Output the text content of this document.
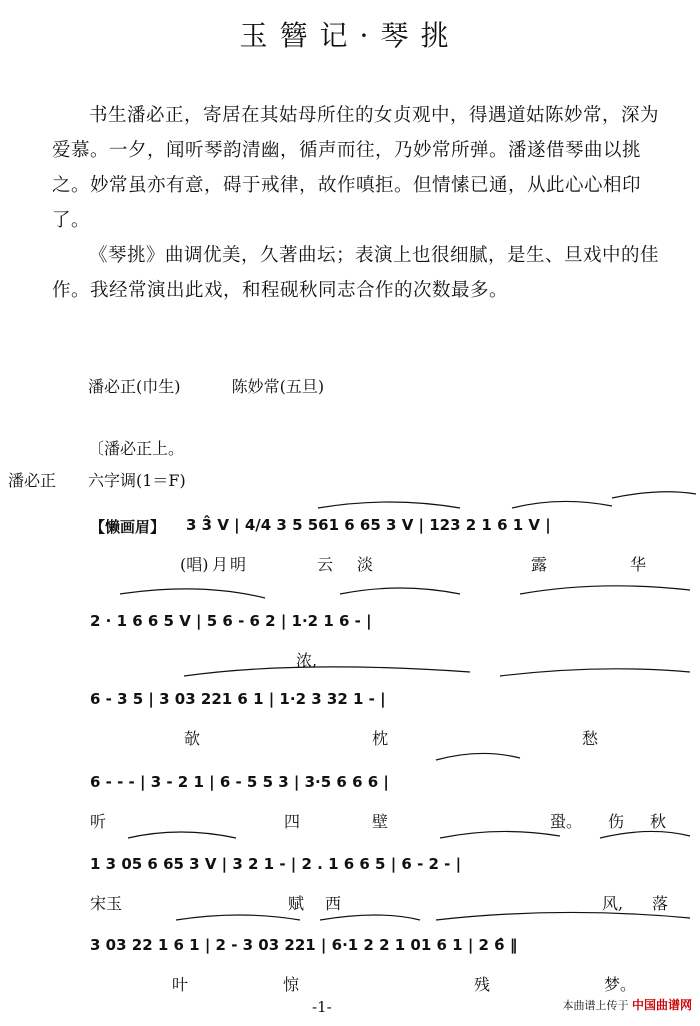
玉簪记·琴挑

书生潘必正，寄居在其姑母所住的女贞观中，得遇道姑陈妙常，深为爱慕。一夕，闻听琴韵清幽，循声而往，乃妙常所弹。潘遂借琴曲以挑之。妙常虽亦有意，碍于戒律，故作嗔拒。但情愫已通，从此心心相印了。

《琴挑》曲调优美，久著曲坛；表演上也很细腻，是生、旦戏中的佳作。我经常演出此戏，和程砚秋同志合作的次数最多。

潘必正(巾生)	陈妙常(五旦)
〔潘必正上。
潘必正 六字调(1＝F)
【懒画眉】 3 3̂ V | 4/4 3 5 561 6 65 3 V | 123 2 1 6 1 V |
(唱) 月 明	云 淡	露	华
2 · 1 6 6 5 V | 5 6 - 6 2 | 1·2 1 6 - |
浓,
6 - 3 5 | 3 03 221 6 1 | 1·2 3 32 1 - |
欹	枕	愁
6 - - - | 3 - 2 1 | 6 - 5 5 3 | 3·5 6 6 6 |
听	四	壁	蛩。 伤 秋
1 3 05 6 65 3 V | 3 2 1 - | 2 . 1 6 6 5 | 6 - 2 - |
宋玉	赋 西	风, 落
3 03 22 1 6 1 | 2 - 3 03 221 | 6·1 2 2 1 01 6 1 | 2 6̂ ‖
叶	惊	残	梦。
-1-	本曲谱上传于 中国曲谱网
